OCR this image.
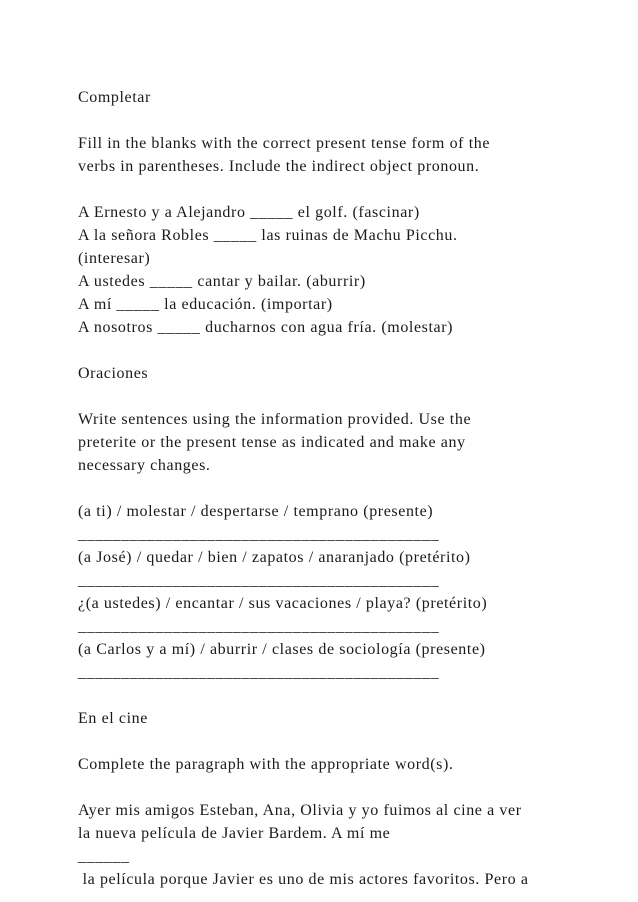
Completar
Fill in the blanks with the correct present tense form of the
verbs in parentheses. Include the indirect object pronoun.
A Ernesto y a Alejandro _____ el golf. (fascinar)
A la señora Robles _____ las ruinas de Machu Picchu.
(interesar)
A ustedes _____ cantar y bailar. (aburrir)
A mí _____ la educación. (importar)
A nosotros _____ ducharnos con agua fría. (molestar)
Oraciones
Write sentences using the information provided. Use the
preterite or the present tense as indicated and make any
necessary changes.
(a ti) / molestar / despertarse / temprano (presente)
__________________________________________
(a José) / quedar / bien / zapatos / anaranjado (pretérito)
__________________________________________
¿(a ustedes) / encantar / sus vacaciones / playa? (pretérito)
__________________________________________
(a Carlos y a mí) / aburrir / clases de sociología (presente)
__________________________________________
En el cine
Complete the paragraph with the appropriate word(s).
Ayer mis amigos Esteban, Ana, Olivia y yo fuimos al cine a ver
la nueva película de Javier Bardem. A mí me
______
la película porque Javier es uno de mis actores favoritos. Pero a
